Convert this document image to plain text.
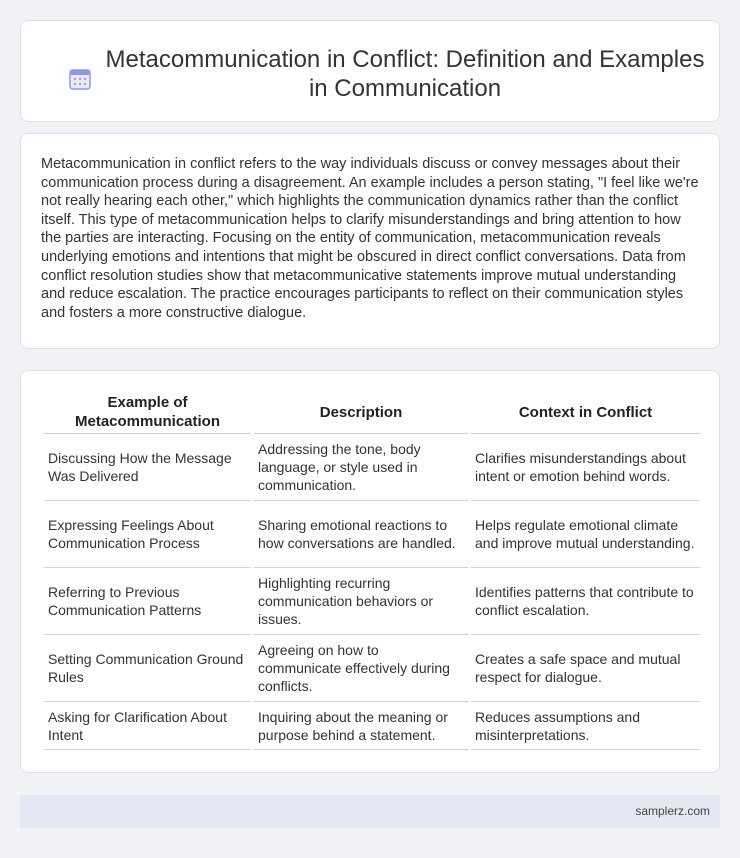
Metacommunication in Conflict: Definition and Examples in Communication

Metacommunication in conflict refers to the way individuals discuss or convey messages about their communication process during a disagreement. An example includes a person stating, "I feel like we're not really hearing each other," which highlights the communication dynamics rather than the conflict itself. This type of metacommunication helps to clarify misunderstandings and bring attention to how the parties are interacting. Focusing on the entity of communication, metacommunication reveals underlying emotions and intentions that might be obscured in direct conflict conversations. Data from conflict resolution studies show that metacommunicative statements improve mutual understanding and reduce escalation. The practice encourages participants to reflect on their communication styles and fosters a more constructive dialogue.

Example of Metacommunication	Description	Context in Conflict
Discussing How the Message Was Delivered	Addressing the tone, body language, or style used in communication.	Clarifies misunderstandings about intent or emotion behind words.
Expressing Feelings About Communication Process	Sharing emotional reactions to how conversations are handled.	Helps regulate emotional climate and improve mutual understanding.
Referring to Previous Communication Patterns	Highlighting recurring communication behaviors or issues.	Identifies patterns that contribute to conflict escalation.
Setting Communication Ground Rules	Agreeing on how to communicate effectively during conflicts.	Creates a safe space and mutual respect for dialogue.
Asking for Clarification About Intent	Inquiring about the meaning or purpose behind a statement.	Reduces assumptions and misinterpretations.
samplerz.com
